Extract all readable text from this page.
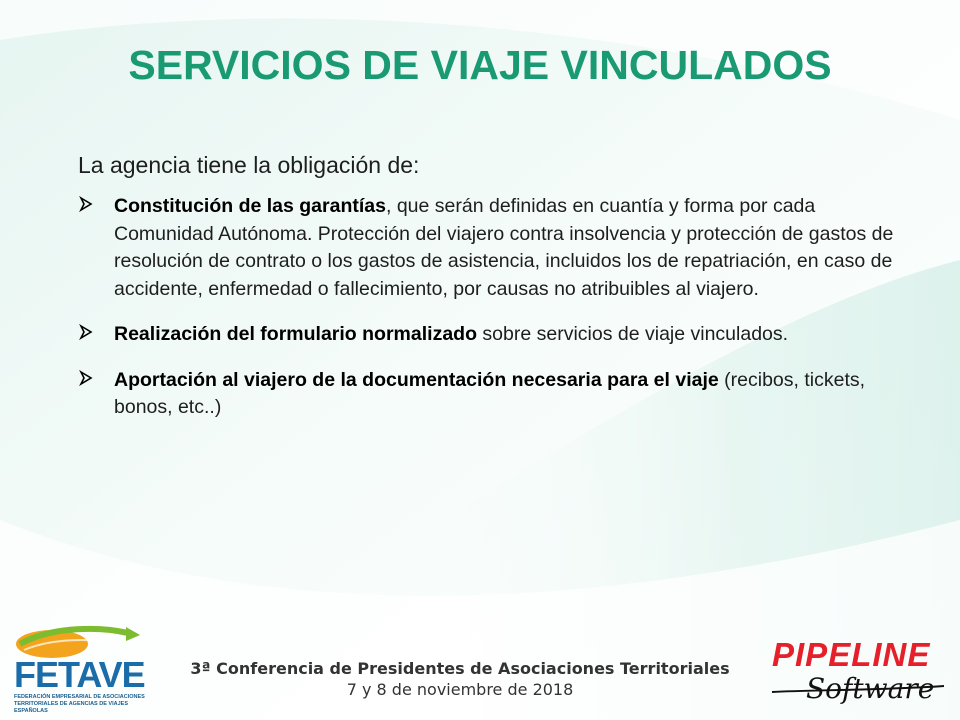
SERVICIOS DE VIAJE VINCULADOS

La agencia tiene la obligación de:

Constitución de las garantías, que serán definidas en cuantía y forma por cada Comunidad Autónoma. Protección del viajero contra insolvencia y protección de gastos de resolución de contrato o los gastos de asistencia, incluidos los de repatriación, en caso de accidente, enfermedad o fallecimiento, por causas no atribuibles al viajero.
Realización del formulario normalizado sobre servicios de viaje vinculados.
Aportación al viajero de la documentación necesaria para el viaje (recibos, tickets, bonos, etc..)
FETAVE
FEDERACIÓN EMPRESARIAL DE ASOCIACIONES
TERRITORIALES DE AGENCIAS DE VIAJES ESPAÑOLAS
3ª Conferencia de Presidentes de Asociaciones Territoriales
7 y 8 de noviembre de 2018
PIPELINE
Software
